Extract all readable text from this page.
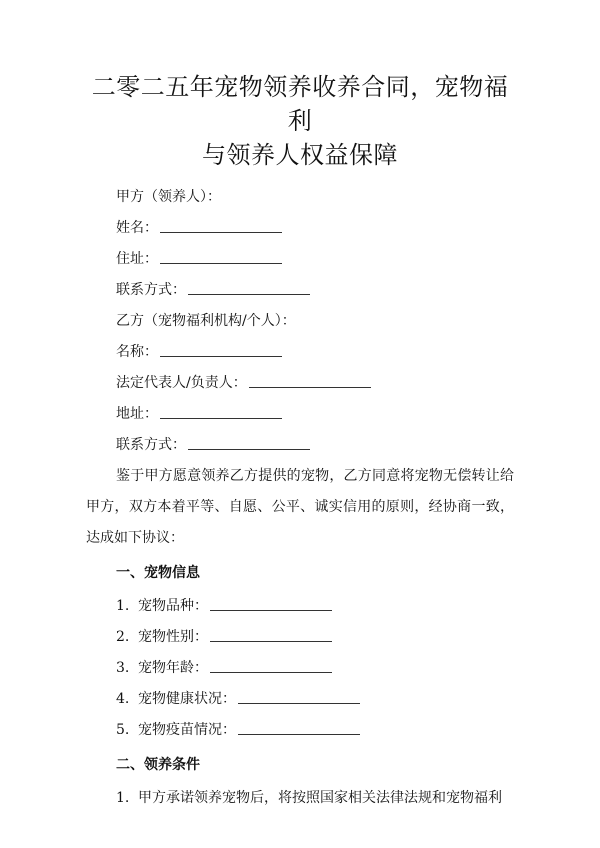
二零二五年宠物领养收养合同，宠物福利
与领养人权益保障

甲方（领养人）：

姓名：

住址：

联系方式：

乙方（宠物福利机构/个人）：

名称：

法定代表人/负责人：

地址：

联系方式：

鉴于甲方愿意领养乙方提供的宠物，乙方同意将宠物无偿转让给甲方，双方本着平等、自愿、公平、诚实信用的原则，经协商一致，达成如下协议：

一、宠物信息

1. 宠物品种：

2. 宠物性别：

3. 宠物年龄：

4. 宠物健康状况：

5. 宠物疫苗情况：

二、领养条件

1. 甲方承诺领养宠物后，将按照国家相关法律法规和宠物福利
